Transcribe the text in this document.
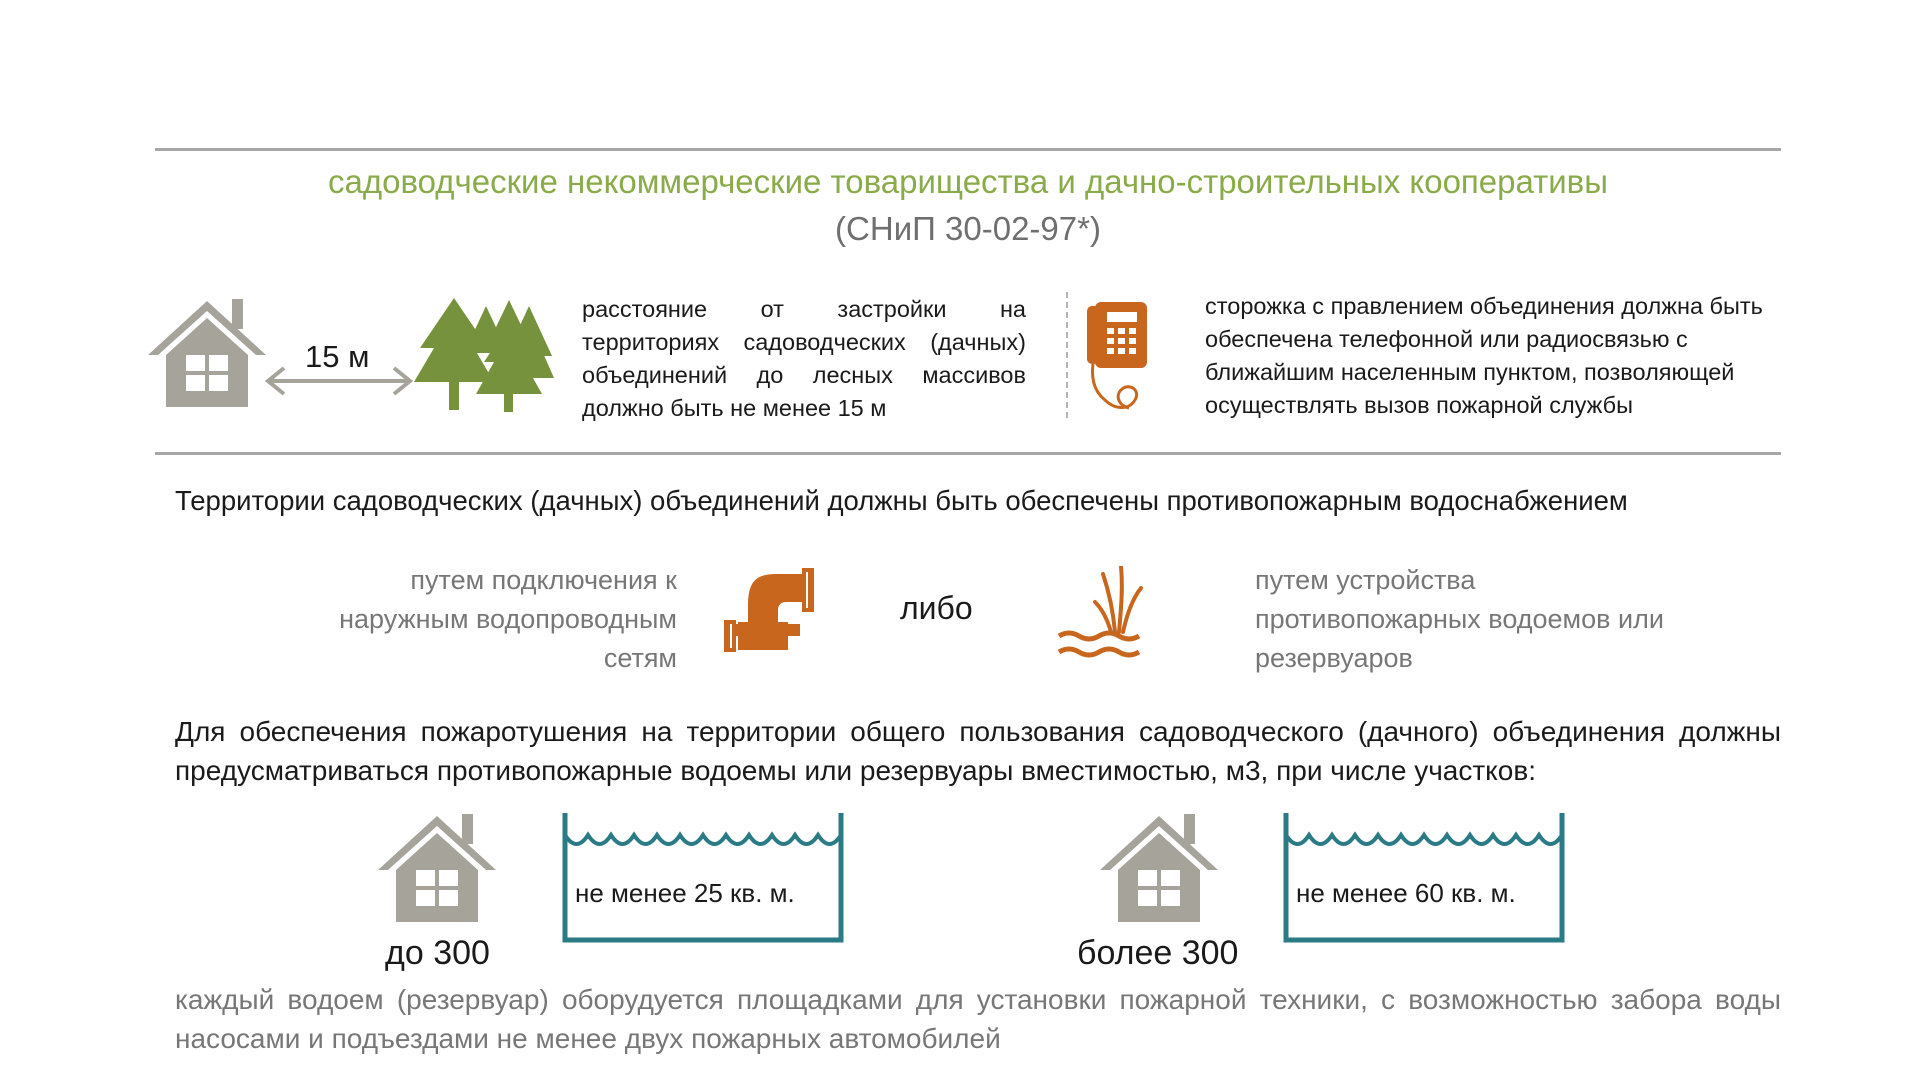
садоводческие некоммерческие товарищества и дачно-строительных кооперативы
(СНиП 30-02-97*)
15 м
расстояние от застройки на территориях садоводческих (дачных) объединений до лесных массивов должно быть не менее 15 м
сторожка с правлением объединения должна быть обеспечена телефонной или радиосвязью с ближайшим населенным пунктом, позволяющей осуществлять вызов пожарной службы
Территории садоводческих (дачных) объединений должны быть обеспечены противопожарным водоснабжением
путем подключения к наружным водопроводным сетям
либо
путем устройства противопожарных водоемов или резервуаров
Для обеспечения пожаротушения на территории общего пользования садоводческого (дачного) объединения должны предусматриваться противопожарные водоемы или резервуары вместимостью, м3, при числе участков:
до 300
не менее 25 кв. м.
более 300
не менее 60 кв. м.
каждый водоем (резервуар) оборудуется площадками для установки пожарной техники, с возможностью забора воды насосами и подъездами не менее двух пожарных автомобилей
